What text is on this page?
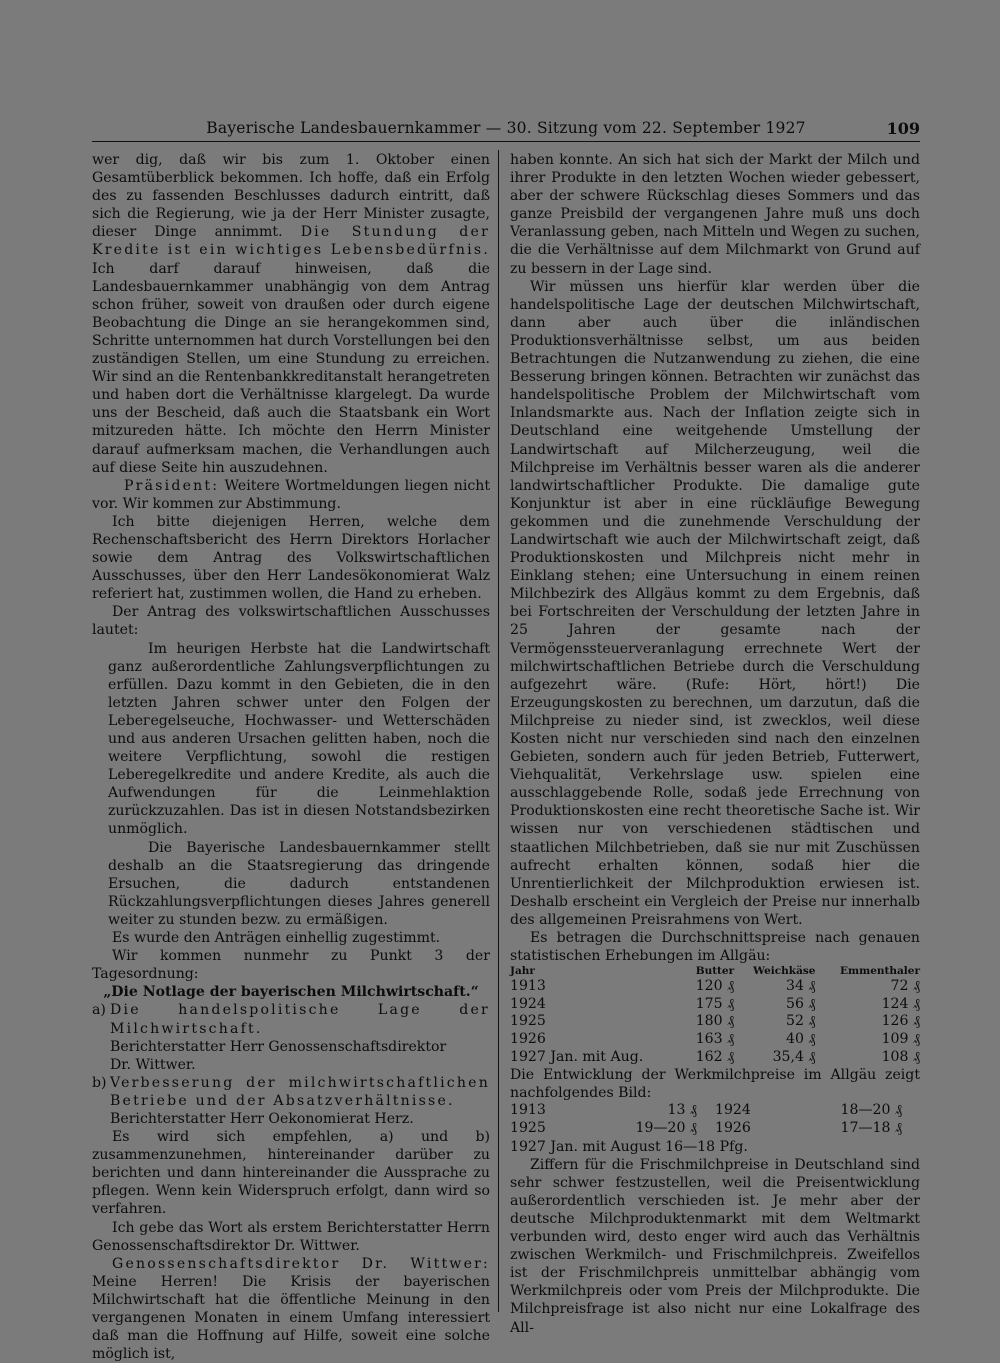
Bayerische Landesbauernkammer — 30. Sitzung vom 22. September 1927	109

wer dig, daß wir bis zum 1. Oktober einen Gesamtüberblick bekommen. Ich hoffe, daß ein Erfolg des zu fassenden Beschlusses dadurch eintritt, daß sich die Regierung, wie ja der Herr Minister zusagte, dieser Dinge annimmt. Die Stundung der Kredite ist ein wichtiges Lebensbedürfnis. Ich darf darauf hinweisen, daß die Landesbauernkammer unabhängig von dem Antrag schon früher, soweit von draußen oder durch eigene Beobachtung die Dinge an sie herangekommen sind, Schritte unternommen hat durch Vorstellungen bei den zuständigen Stellen, um eine Stundung zu erreichen. Wir sind an die Rentenbankkreditanstalt herangetreten und haben dort die Verhältnisse klargelegt. Da wurde uns der Bescheid, daß auch die Staatsbank ein Wort mitzureden hätte. Ich möchte den Herrn Minister darauf aufmerksam machen, die Verhandlungen auch auf diese Seite hin auszudehnen.

Präsident: Weitere Wortmeldungen liegen nicht vor. Wir kommen zur Abstimmung.

Ich bitte diejenigen Herren, welche dem Rechenschaftsbericht des Herrn Direktors Horlacher sowie dem Antrag des Volkswirtschaftlichen Ausschusses, über den Herr Landesökonomierat Walz referiert hat, zustimmen wollen, die Hand zu erheben.

Der Antrag des volkswirtschaftlichen Ausschusses lautet:

Im heurigen Herbste hat die Landwirtschaft ganz außerordentliche Zahlungsverpflichtungen zu erfüllen. Dazu kommt in den Gebieten, die in den letzten Jahren schwer unter den Folgen der Lebeгegelseuche, Hochwasser- und Wetterschäden und aus anderen Ursachen gelitten haben, noch die weitere Verpflichtung, sowohl die restigen Leberegelkredite und andere Kredite, als auch die Aufwendungen für die Leinmehlaktion zurückzuzahlen. Das ist in diesen Notstandsbezirken unmöglich.

Die Bayerische Landesbauernkammer stellt deshalb an die Staatsregierung das dringende Ersuchen, die dadurch entstandenen Rückzahlungsverpflichtungen dieses Jahres generell weiter zu stunden bezw. zu ermäßigen.

Es wurde den Anträgen einhellig zugestimmt.

Wir kommen nunmehr zu Punkt 3 der Tagesordnung:

„Die Notlage der bayerischen Milchwirtschaft.“

a) Die handelspolitische Lage der Milchwirtschaft.
Berichterstatter Herr Genossenschaftsdirektor
Dr. Wittwer.

b) Verbesserung der milchwirtschaftlichen Betriebe und der Absatzverhältnisse.
Berichterstatter Herr Oekonomierat Herz.

Es wird sich empfehlen, a) und b) zusammenzunehmen, hintereinander darüber zu berichten und dann hintereinander die Aussprache zu pflegen. Wenn kein Widerspruch erfolgt, dann wird so verfahren.

Ich gebe das Wort als erstem Berichterstatter Herrn Genossenschaftsdirektor Dr. Wittwer.

Genossenschaftsdirektor Dr. Wittwer: Meine Herren! Die Krisis der bayerischen Milchwirtschaft hat die öffentliche Meinung in den vergangenen Monaten in einem Umfang interessiert daß man die Hoffnung auf Hilfe, soweit eine solche möglich ist,

haben konnte. An sich hat sich der Markt der Milch und ihrer Produkte in den letzten Wochen wieder gebessert, aber der schwere Rückschlag dieses Sommers und das ganze Preisbild der vergangenen Jahre muß uns doch Veranlassung geben, nach Mitteln und Wegen zu suchen, die die Verhältnisse auf dem Milchmarkt von Grund auf zu bessern in der Lage sind.

Wir müssen uns hierfür klar werden über die handelspolitische Lage der deutschen Milchwirtschaft, dann aber auch über die inländischen Produktionsverhältnisse selbst, um aus beiden Betrachtungen die Nutzanwendung zu ziehen, die eine Besserung bringen können. Betrachten wir zunächst das handelspolitische Problem der Milchwirtschaft vom Inlandsmarkte aus. Nach der Inflation zeigte sich in Deutschland eine weitgehende Umstellung der Landwirtschaft auf Milcherzeugung, weil die Milchpreise im Verhältnis besser waren als die anderer landwirtschaftlicher Produkte. Die damalige gute Konjunktur ist aber in eine rückläufige Bewegung gekommen und die zunehmende Verschuldung der Landwirtschaft wie auch der Milchwirtschaft zeigt, daß Produktionskosten und Milchpreis nicht mehr in Einklang stehen; eine Untersuchung in einem reinen Milchbezirk des Allgäus kommt zu dem Ergebnis, daß bei Fortschreiten der Verschuldung der letzten Jahre in 25 Jahren der gesamte nach der Vermögenssteuerveranlagung errechnete Wert der milchwirtschaftlichen Betriebe durch die Verschuldung aufgezehrt wäre. (Rufe: Hört, hört!) Die Erzeugungskosten zu berechnen, um darzutun, daß die Milchpreise zu nieder sind, ist zwecklos, weil diese Kosten nicht nur verschieden sind nach den einzelnen Gebieten, sondern auch für jeden Betrieb, Futterwert, Viehqualität, Verkehrslage usw. spielen eine ausschlaggebende Rolle, sodaß jede Errechnung von Produktionskosten eine recht theoretische Sache ist. Wir wissen nur von verschiedenen städtischen und staatlichen Milchbetrieben, daß sie nur mit Zuschüssen aufrecht erhalten können, sodaß hier die Unrentierlichkeit der Milchproduktion erwiesen ist. Deshalb erscheint ein Vergleich der Preise nur innerhalb des allgemeinen Preisrahmens von Wert.

Es betragen die Durchschnittspreise nach genauen statistischen Erhebungen im Allgäu:

Jahr	Butter	Weichkäse	Emmenthaler
1913	120 ₰	34 ₰	72 ₰
1924	175 ₰	56 ₰	124 ₰
1925	180 ₰	52 ₰	126 ₰
1926	163 ₰	40 ₰	109 ₰
1927 Jan. mit Aug.	162 ₰	35,4 ₰	108 ₰

Die Entwicklung der Werkmilchpreise im Allgäu zeigt nachfolgendes Bild:

1913	13 ₰	1924	18—20 ₰
1925	19—20 ₰	1926	17—18 ₰

1927 Jan. mit August 16—18 Pfg.

Ziffern für die Frischmilchpreise in Deutschland sind sehr schwer festzustellen, weil die Preisentwicklung außerordentlich verschieden ist. Je mehr aber der deutsche Milchproduktenmarkt mit dem Weltmarkt verbunden wird, desto enger wird auch das Verhältnis zwischen Werkmilch- und Frischmilchpreis. Zweifellos ist der Frischmilchpreis unmittelbar abhängig vom Werkmilchpreis oder vom Preis der Milchprodukte. Die Milchpreisfrage ist also nicht nur eine Lokalfrage des All-
